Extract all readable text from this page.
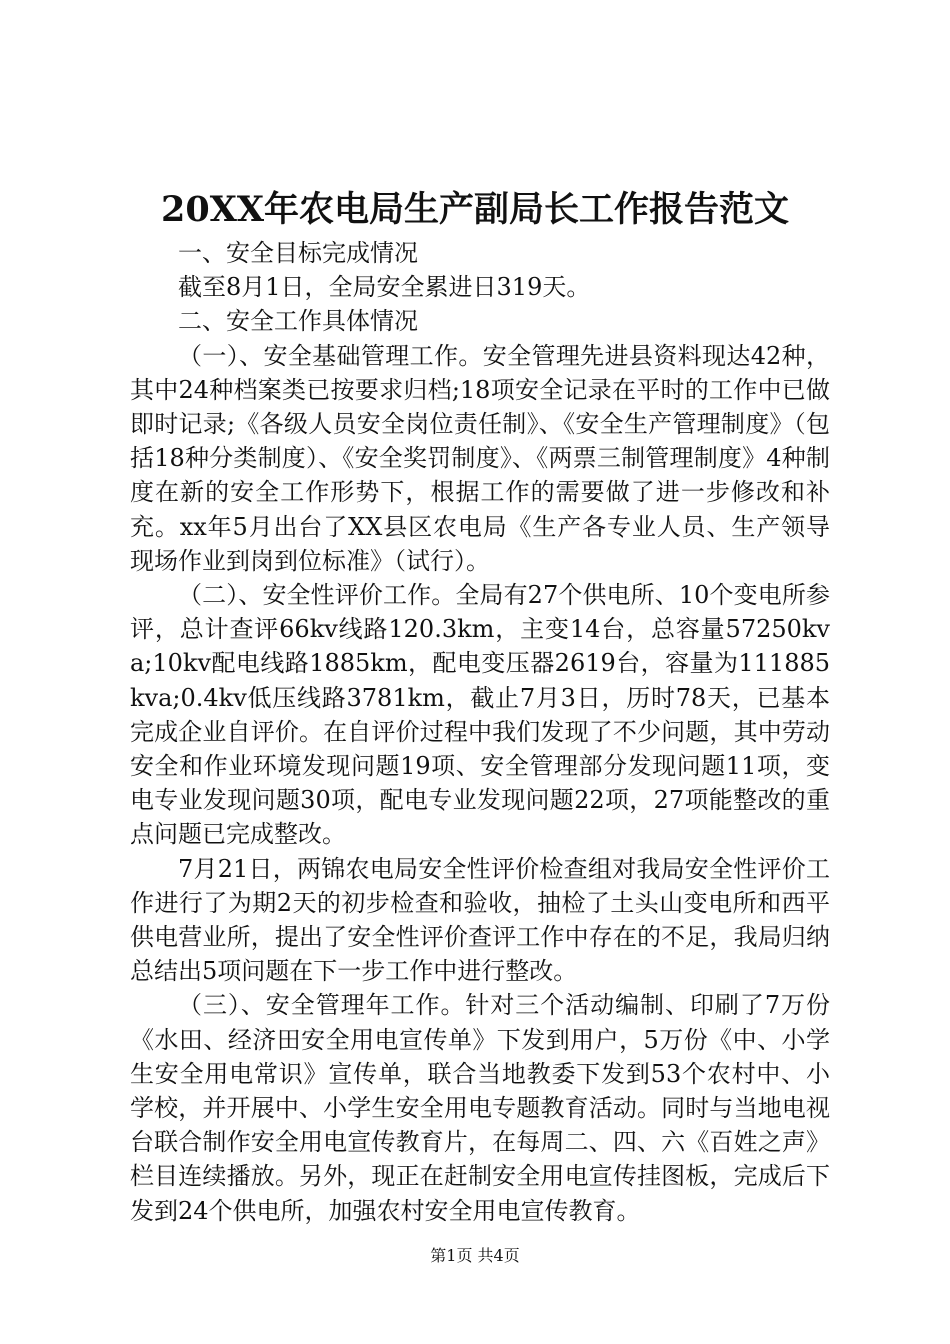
20XX年农电局生产副局长工作报告范文

一、安全目标完成情况

截至8月1日，全局安全累进日319天。

二、安全工作具体情况

（一）、安全基础管理工作。安全管理先进县资料现达42种，其中24种档案类已按要求归档;18项安全记录在平时的工作中已做即时记录;《各级人员安全岗位责任制》、《安全生产管理制度》（包括18种分类制度）、《安全奖罚制度》、《两票三制管理制度》4种制度在新的安全工作形势下，根据工作的需要做了进一步修改和补充。xx年5月出台了XX县区农电局《生产各专业人员、生产领导现场作业到岗到位标准》（试行）。

（二）、安全性评价工作。全局有27个供电所、10个变电所参评，总计查评66kv线路120.3km，主变14台，总容量57250kva;10kv配电线路1885km，配电变压器2619台，容量为111885kva;0.4kv低压线路3781km，截止7月3日，历时78天，已基本完成企业自评价。在自评价过程中我们发现了不少问题，其中劳动安全和作业环境发现问题19项、安全管理部分发现问题11项，变电专业发现问题30项，配电专业发现问题22项，27项能整改的重点问题已完成整改。

7月21日，两锦农电局安全性评价检查组对我局安全性评价工作进行了为期2天的初步检查和验收，抽检了土头山变电所和西平供电营业所，提出了安全性评价查评工作中存在的不足，我局归纳总结出5项问题在下一步工作中进行整改。

（三）、安全管理年工作。针对三个活动编制、印刷了7万份《水田、经济田安全用电宣传单》下发到用户，5万份《中、小学生安全用电常识》宣传单，联合当地教委下发到53个农村中、小学校，并开展中、小学生安全用电专题教育活动。同时与当地电视台联合制作安全用电宣传教育片，在每周二、四、六《百姓之声》栏目连续播放。另外，现正在赶制安全用电宣传挂图板，完成后下发到24个供电所，加强农村安全用电宣传教育。

第1页 共4页
